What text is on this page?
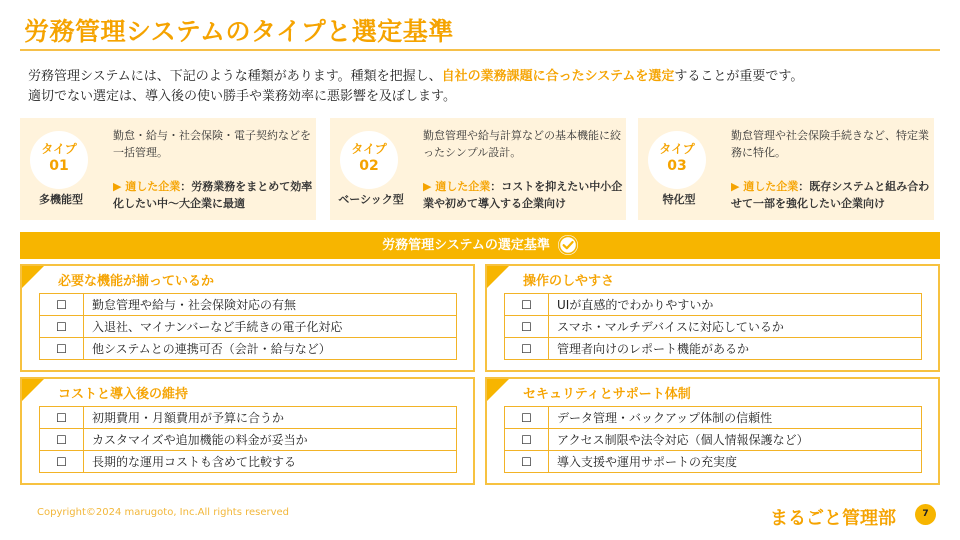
労務管理システムのタイプと選定基準
労務管理システムには、下記のような種類があります。種類を把握し、自社の業務課題に合ったシステムを選定することが重要です。
適切でない選定は、導入後の使い勝手や業務効率に悪影響を及ぼします。
タイプ
01
多機能型
勤怠・給与・社会保険・電子契約などを一括管理。
▶ 適した企業：労務業務をまとめて効率化したい中〜大企業に最適
タイプ
02
ベーシック型
勤怠管理や給与計算などの基本機能に絞ったシンプル設計。
▶ 適した企業：コストを抑えたい中小企業や初めて導入する企業向け
タイプ
03
特化型
勤怠管理や社会保険手続きなど、特定業務に特化。
▶ 適した企業：既存システムと組み合わせて一部を強化したい企業向け
労務管理システムの選定基準
必要な機能が揃っているか
☐	勤怠管理や給与・社会保険対応の有無
☐	入退社、マイナンバーなど手続きの電子化対応
☐	他システムとの連携可否（会計・給与など）
操作のしやすさ
☐	UIが直感的でわかりやすいか
☐	スマホ・マルチデバイスに対応しているか
☐	管理者向けのレポート機能があるか
コストと導入後の維持
☐	初期費用・月額費用が予算に合うか
☐	カスタマイズや追加機能の料金が妥当か
☐	長期的な運用コストも含めて比較する
セキュリティとサポート体制
☐	データ管理・バックアップ体制の信頼性
☐	アクセス制限や法令対応（個人情報保護など）
☐	導入支援や運用サポートの充実度
Copyright©2024 marugoto, Inc.All rights reserved	まるごと管理部	7
